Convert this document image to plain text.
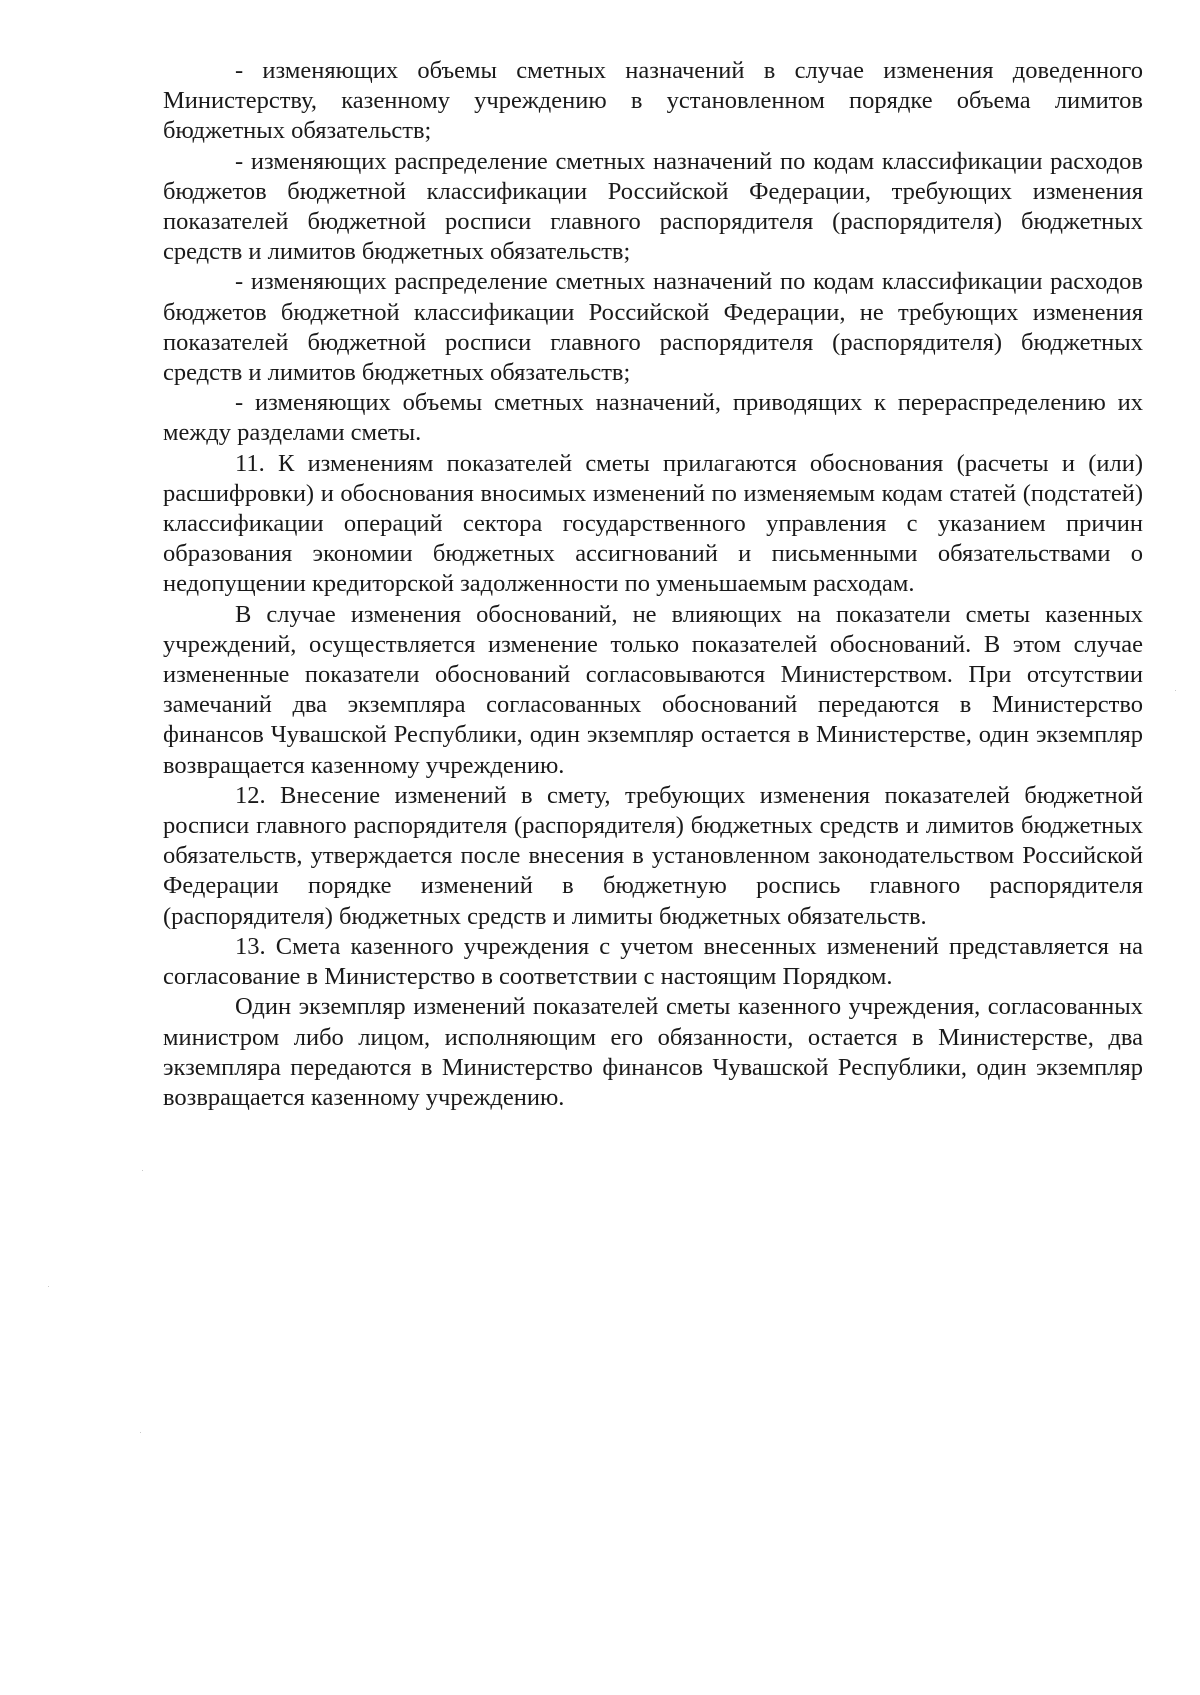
- изменяющих объемы сметных назначений в случае изменения доведенного Министерству, казенному учреждению в установленном порядке объема лимитов бюджетных обязательств;

- изменяющих распределение сметных назначений по кодам классификации расходов бюджетов бюджетной классификации Российской Федерации, требующих изменения показателей бюджетной росписи главного распорядителя (распорядителя) бюджетных средств и лимитов бюджетных обязательств;

- изменяющих распределение сметных назначений по кодам классификации расходов бюджетов бюджетной классификации Российской Федерации, не требующих изменения показателей бюджетной росписи главного распорядителя (распорядителя) бюджетных средств и лимитов бюджетных обязательств;

- изменяющих объемы сметных назначений, приводящих к перераспределению их между разделами сметы.

11. К изменениям показателей сметы прилагаются обоснования (расчеты и (или) расшифровки) и обоснования вносимых изменений по изменяемым кодам статей (подстатей) классификации операций сектора государственного управления с указанием причин образования экономии бюджетных ассигнований и письменными обязательствами о недопущении кредиторской задолженности по уменьшаемым расходам.

В случае изменения обоснований, не влияющих на показатели сметы казенных учреждений, осуществляется изменение только показателей обоснований. В этом случае измененные показатели обоснований согласовываются Министерством. При отсутствии замечаний два экземпляра согласованных обоснований передаются в Министерство финансов Чувашской Республики, один экземпляр остается в Министерстве, один экземпляр возвращается казенному учреждению.

12. Внесение изменений в смету, требующих изменения показателей бюджетной росписи главного распорядителя (распорядителя) бюджетных средств и лимитов бюджетных обязательств, утверждается после внесения в установленном законодательством Российской Федерации порядке изменений в бюджетную роспись главного распорядителя (распорядителя) бюджетных средств и лимиты бюджетных обязательств.

13. Смета казенного учреждения с учетом внесенных изменений представляется на согласование в Министерство в соответствии с настоящим Порядком.

Один экземпляр изменений показателей сметы казенного учреждения, согласованных министром либо лицом, исполняющим его обязанности, остается в Министерстве, два экземпляра передаются в Министерство финансов Чувашской Республики, один экземпляр возвращается казенному учреждению.
